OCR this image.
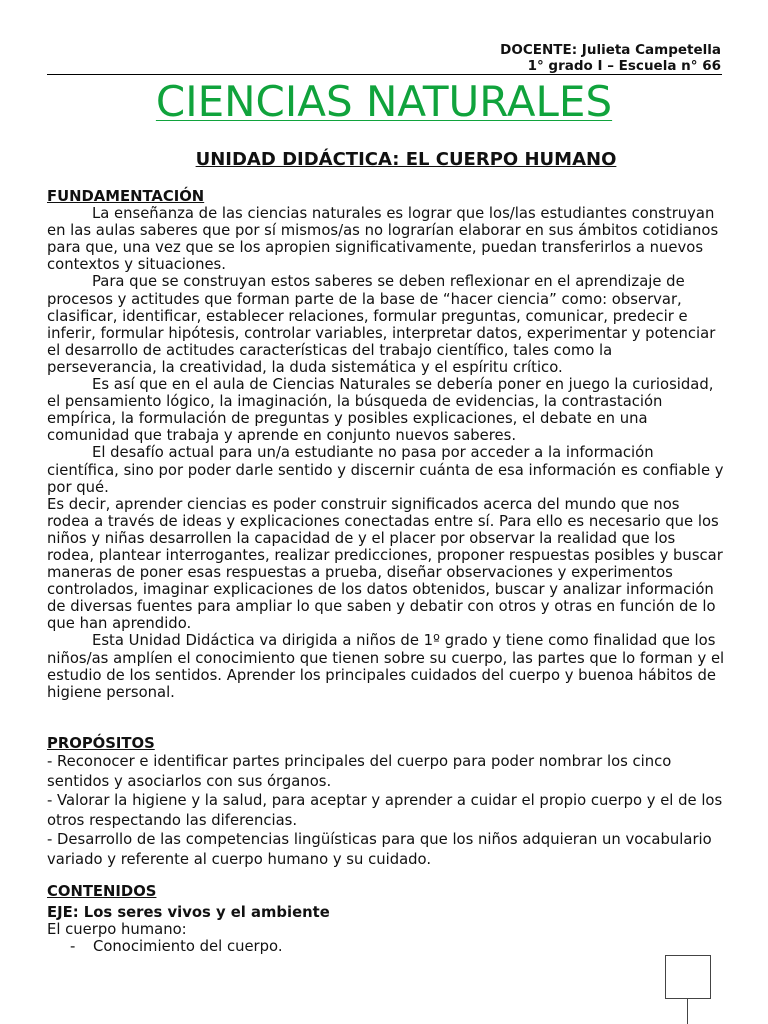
DOCENTE: Julieta Campetella
1° grado I – Escuela n° 66
CIENCIAS NATURALES
UNIDAD DIDÁCTICA: EL CUERPO HUMANO
FUNDAMENTACIÓN

La enseñanza de las ciencias naturales es lograr que los/las estudiantes construyan en las aulas saberes que por sí mismos/as no lograrían elaborar en sus ámbitos cotidianos para que, una vez que se los apropien significativamente, puedan transferirlos a nuevos contextos y situaciones.

Para que se construyan estos saberes se deben reflexionar en el aprendizaje de procesos y actitudes que forman parte de la base de “hacer ciencia” como: observar, clasificar, identificar, establecer relaciones, formular preguntas, comunicar, predecir e inferir, formular hipótesis, controlar variables, interpretar datos, experimentar y potenciar el desarrollo de actitudes características del trabajo científico, tales como la perseverancia, la creatividad, la duda sistemática y el espíritu crítico.

Es así que en el aula de Ciencias Naturales se debería poner en juego la curiosidad, el pensamiento lógico, la imaginación, la búsqueda de evidencias, la contrastación empírica, la formulación de preguntas y posibles explicaciones, el debate en una comunidad que trabaja y aprende en conjunto nuevos saberes.

El desafío actual para un/a estudiante no pasa por acceder a la información científica, sino por poder darle sentido y discernir cuánta de esa información es confiable y por qué.

Es decir, aprender ciencias es poder construir significados acerca del mundo que nos rodea a través de ideas y explicaciones conectadas entre sí. Para ello es necesario que los niños y niñas desarrollen la capacidad de y el placer por observar la realidad que los rodea, plantear interrogantes, realizar predicciones, proponer respuestas posibles y buscar maneras de poner esas respuestas a prueba, diseñar observaciones y experimentos controlados, imaginar explicaciones de los datos obtenidos, buscar y analizar información de diversas fuentes para ampliar lo que saben y debatir con otros y otras en función de lo que han aprendido.

Esta Unidad Didáctica va dirigida a niños de 1º grado y tiene como finalidad que los niños/as amplíen el conocimiento que tienen sobre su cuerpo, las partes que lo forman y el estudio de los sentidos. Aprender los principales cuidados del cuerpo y buenoa hábitos de higiene personal.

PROPÓSITOS

- Reconocer e identificar partes principales del cuerpo para poder nombrar los cinco sentidos y asociarlos con sus órganos.

- Valorar la higiene y la salud, para aceptar y aprender a cuidar el propio cuerpo y el de los otros respectando las diferencias.

- Desarrollo de las competencias lingüísticas para que los niños adquieran un vocabulario variado y referente al cuerpo humano y su cuidado.

CONTENIDOS
EJE: Los seres vivos y el ambiente

El cuerpo humano:

- Conocimiento del cuerpo.
